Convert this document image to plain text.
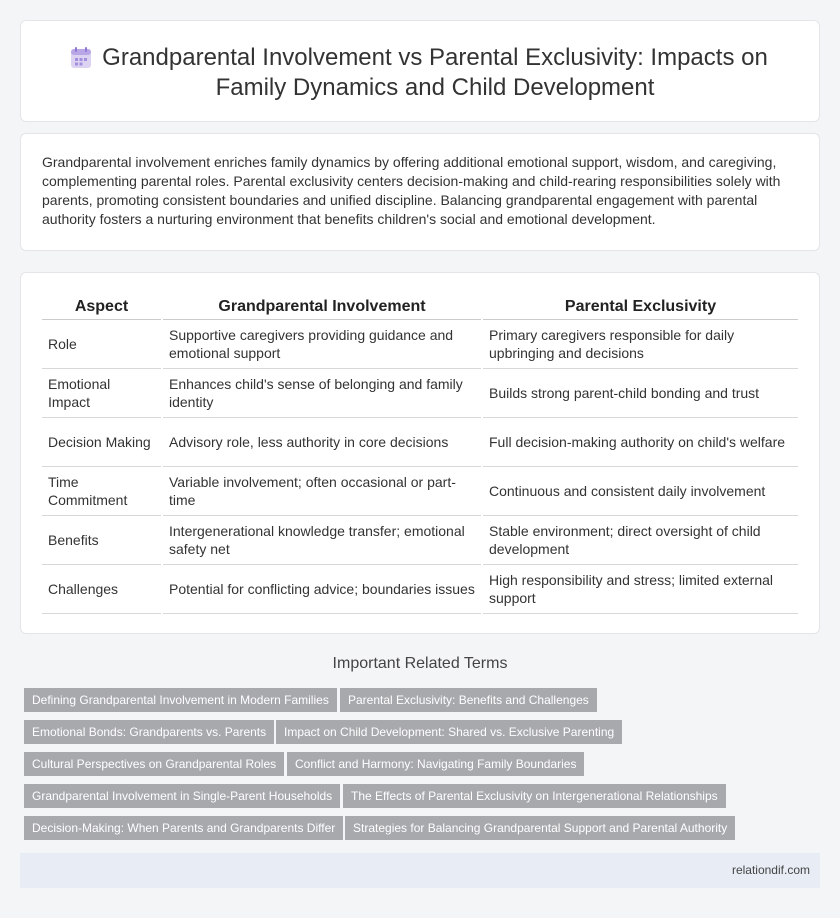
Grandparental Involvement vs Parental Exclusivity: Impacts on Family Dynamics and Child Development

Grandparental involvement enriches family dynamics by offering additional emotional support, wisdom, and caregiving, complementing parental roles. Parental exclusivity centers decision-making and child-rearing responsibilities solely with parents, promoting consistent boundaries and unified discipline. Balancing grandparental engagement with parental authority fosters a nurturing environment that benefits children's social and emotional development.

Aspect	Grandparental Involvement	Parental Exclusivity
Role	Supportive caregivers providing guidance and emotional support	Primary caregivers responsible for daily upbringing and decisions
Emotional Impact	Enhances child's sense of belonging and family identity	Builds strong parent-child bonding and trust
Decision Making	Advisory role, less authority in core decisions	Full decision-making authority on child's welfare
Time Commitment	Variable involvement; often occasional or part-time	Continuous and consistent daily involvement
Benefits	Intergenerational knowledge transfer; emotional safety net	Stable environment; direct oversight of child development
Challenges	Potential for conflicting advice; boundaries issues	High responsibility and stress; limited external support
Important Related Terms
Defining Grandparental Involvement in Modern Families	Parental Exclusivity: Benefits and Challenges
Emotional Bonds: Grandparents vs. Parents	Impact on Child Development: Shared vs. Exclusive Parenting
Cultural Perspectives on Grandparental Roles	Conflict and Harmony: Navigating Family Boundaries
Grandparental Involvement in Single-Parent Households	The Effects of Parental Exclusivity on Intergenerational Relationships
Decision-Making: When Parents and Grandparents Differ	Strategies for Balancing Grandparental Support and Parental Authority
relationdif.com
